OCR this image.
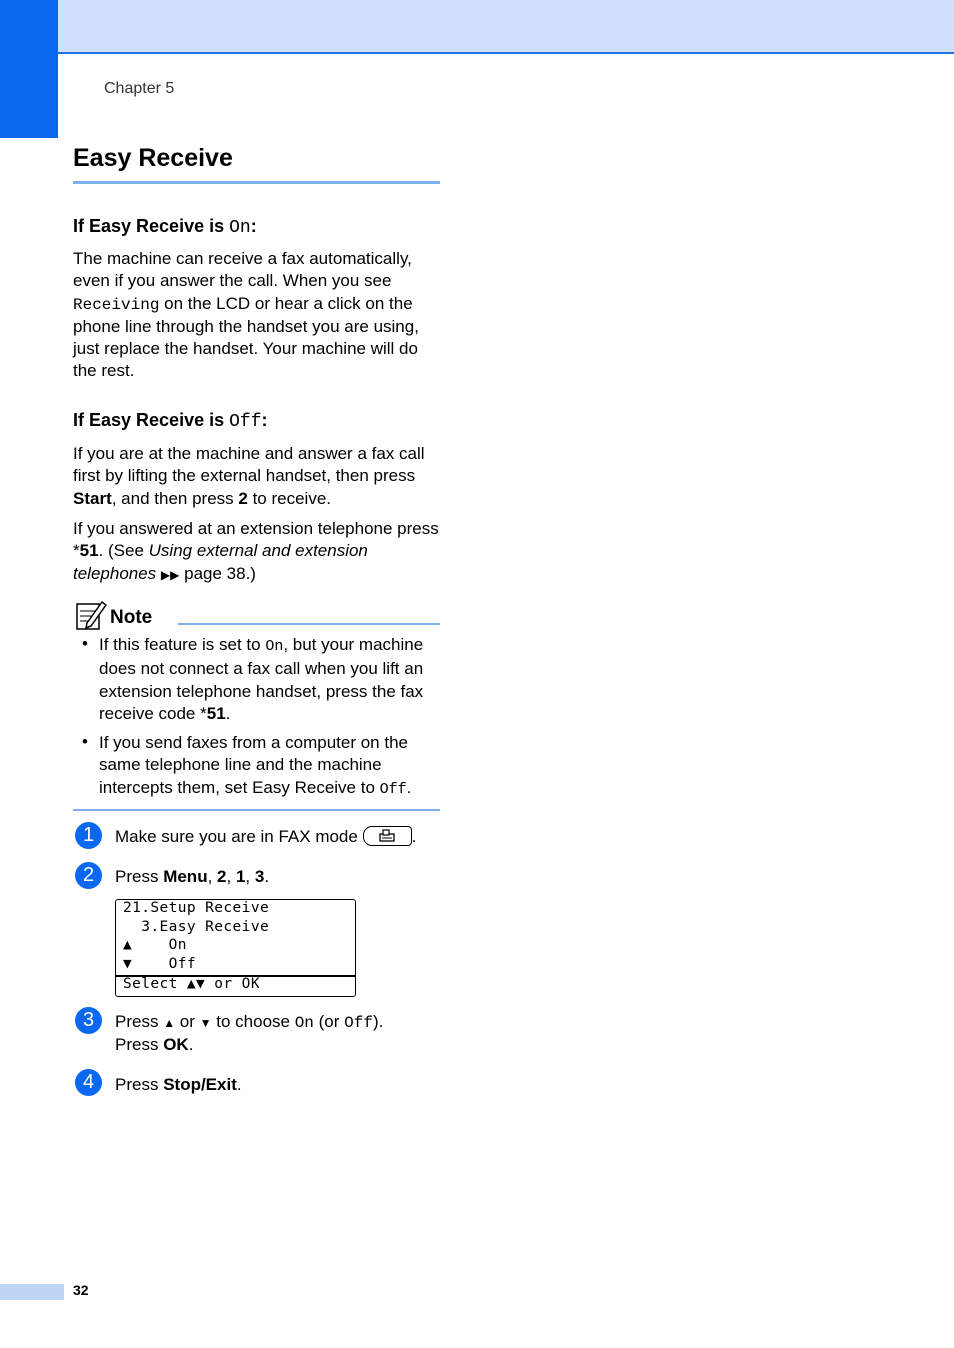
Chapter 5
Easy Receive
If Easy Receive is On:
The machine can receive a fax automatically, even if you answer the call. When you see Receiving on the LCD or hear a click on the phone line through the handset you are using, just replace the handset. Your machine will do the rest.
If Easy Receive is Off:
If you are at the machine and answer a fax call first by lifting the external handset, then press Start, and then press 2 to receive.
If you answered at an extension telephone press *51. (See Using external and extension telephones ▶▶ page 38.)
Note
• If this feature is set to On, but your machine does not connect a fax call when you lift an extension telephone handset, press the fax receive code *51.
• If you send faxes from a computer on the same telephone line and the machine intercepts them, set Easy Receive to Off.
1	Make sure you are in FAX mode	.
2	Press Menu, 2, 1, 3.
21.Setup Receive
3.Easy Receive
▲    On
▼    Off
Select ▲▼ or OK
3	Press ▲ or ▼ to choose On (or Off).
Press OK.
4	Press Stop/Exit.
32
